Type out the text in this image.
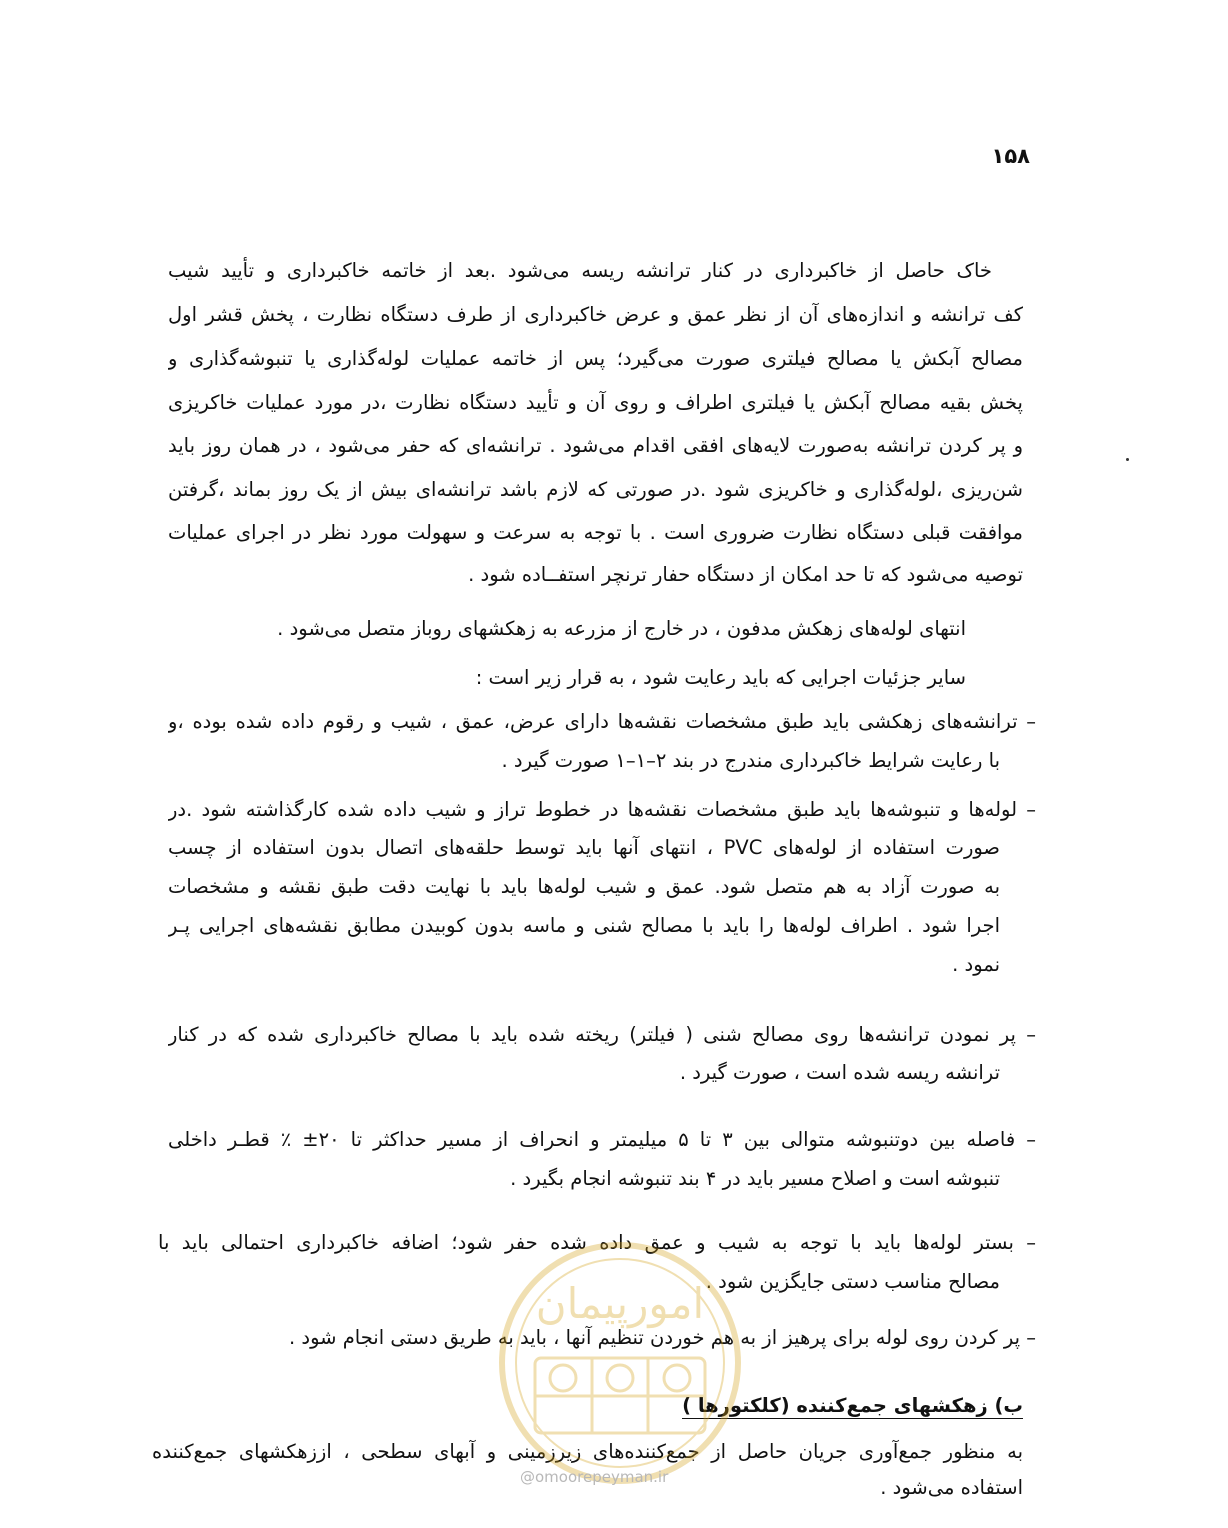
۱۵۸
خاک حاصل از خاکبرداری در کنار ترانشه ریسه می‌شود .بعد از خاتمه خاکبرداری و تأیید شیب
کف ترانشه و اندازه‌های آن از نظر عمق و عرض خاکبرداری از طرف دستگاه نظارت ، پخش قشر اول
مصالح آبکش یا مصالح فیلتری صورت می‌گیرد؛ پس از خاتمه عملیات لوله‌گذاری یا تنبوشه‌گذاری و
پخش بقیه مصالح آبکش یا فیلتری اطراف و روی آن و تأیید دستگاه نظارت ،در مورد عملیات خاکریزی
و پر کردن ترانشه به‌صورت لایه‌های افقی اقدام می‌شود . ترانشه‌ای که حفر می‌شود ، در همان روز باید
شن‌ریزی ،لوله‌گذاری و خاکریزی شود .در صورتی که لازم باشد ترانشه‌ای بیش از یک روز بماند ،گرفتن
موافقت قبلی دستگاه نظارت ضروری است . با توجه به سرعت و سهولت مورد نظر در اجرای عملیات
توصیه می‌شود که تا حد امکان از دستگاه حفار ترنچر استفــاده شود .
انتهای لوله‌های زهکش مدفون ، در خارج از مزرعه به زهکشهای روباز متصل می‌شود .
سایر جزئیات اجرایی که باید رعایت شود ، به قرار زیر است :
– ترانشه‌های زهکشی باید طبق مشخصات نقشه‌ها دارای عرض، عمق ، شیب و رقوم داده شده بوده ،و
با رعایت شرایط خاکبرداری مندرج در بند ۲–۱–۱ صورت گیرد .
– لوله‌ها و تنبوشه‌ها باید طبق مشخصات نقشه‌ها در خطوط تراز و شیب داده شده کارگذاشته شود .در
صورت استفاده از لوله‌های PVC ، انتهای آنها باید توسط حلقه‌های اتصال بدون استفاده از چسب
به صورت آزاد به هم متصل شود. عمق و شیب لوله‌ها باید با نهایت دقت طبق نقشه و مشخصات
اجرا شود . اطراف لوله‌ها را باید با مصالح شنی و ماسه بدون کوبیدن مطابق نقشه‌های اجرایی پـر
نمود .
– پر نمودن ترانشه‌ها روی مصالح شنی ( فیلتر) ریخته شده باید با مصالح خاکبرداری شده که در کنار
ترانشه ریسه شده است ، صورت گیرد .
– فاصله بین دوتنبوشه متوالی بین ۳ تا ۵ میلیمتر و انحراف از مسیر حداکثر تا ۲۰± ٪ قطـر داخلی
تنبوشه است و اصلاح مسیر باید در ۴ بند تنبوشه انجام بگیرد .
– بستر لوله‌ها باید با توجه به شیب و عمق داده شده حفر شود؛ اضافه خاکبرداری احتمالی باید با
مصالح مناسب دستی جایگزین شود .
– پر کردن روی لوله برای پرهیز از به هم خوردن تنظیم آنها ، باید به طریق دستی انجام شود .
ب) زهکشهای جمع‌کننده (کلکتورها )
به منظور جمع‌آوری جریان حاصل از جمع‌کننده‌های زیرزمینی و آبهای سطحی ، اززهکشهای جمع‌کننده
استفاده می‌شود .
امورپیمان
@omoorepeyman.ir
